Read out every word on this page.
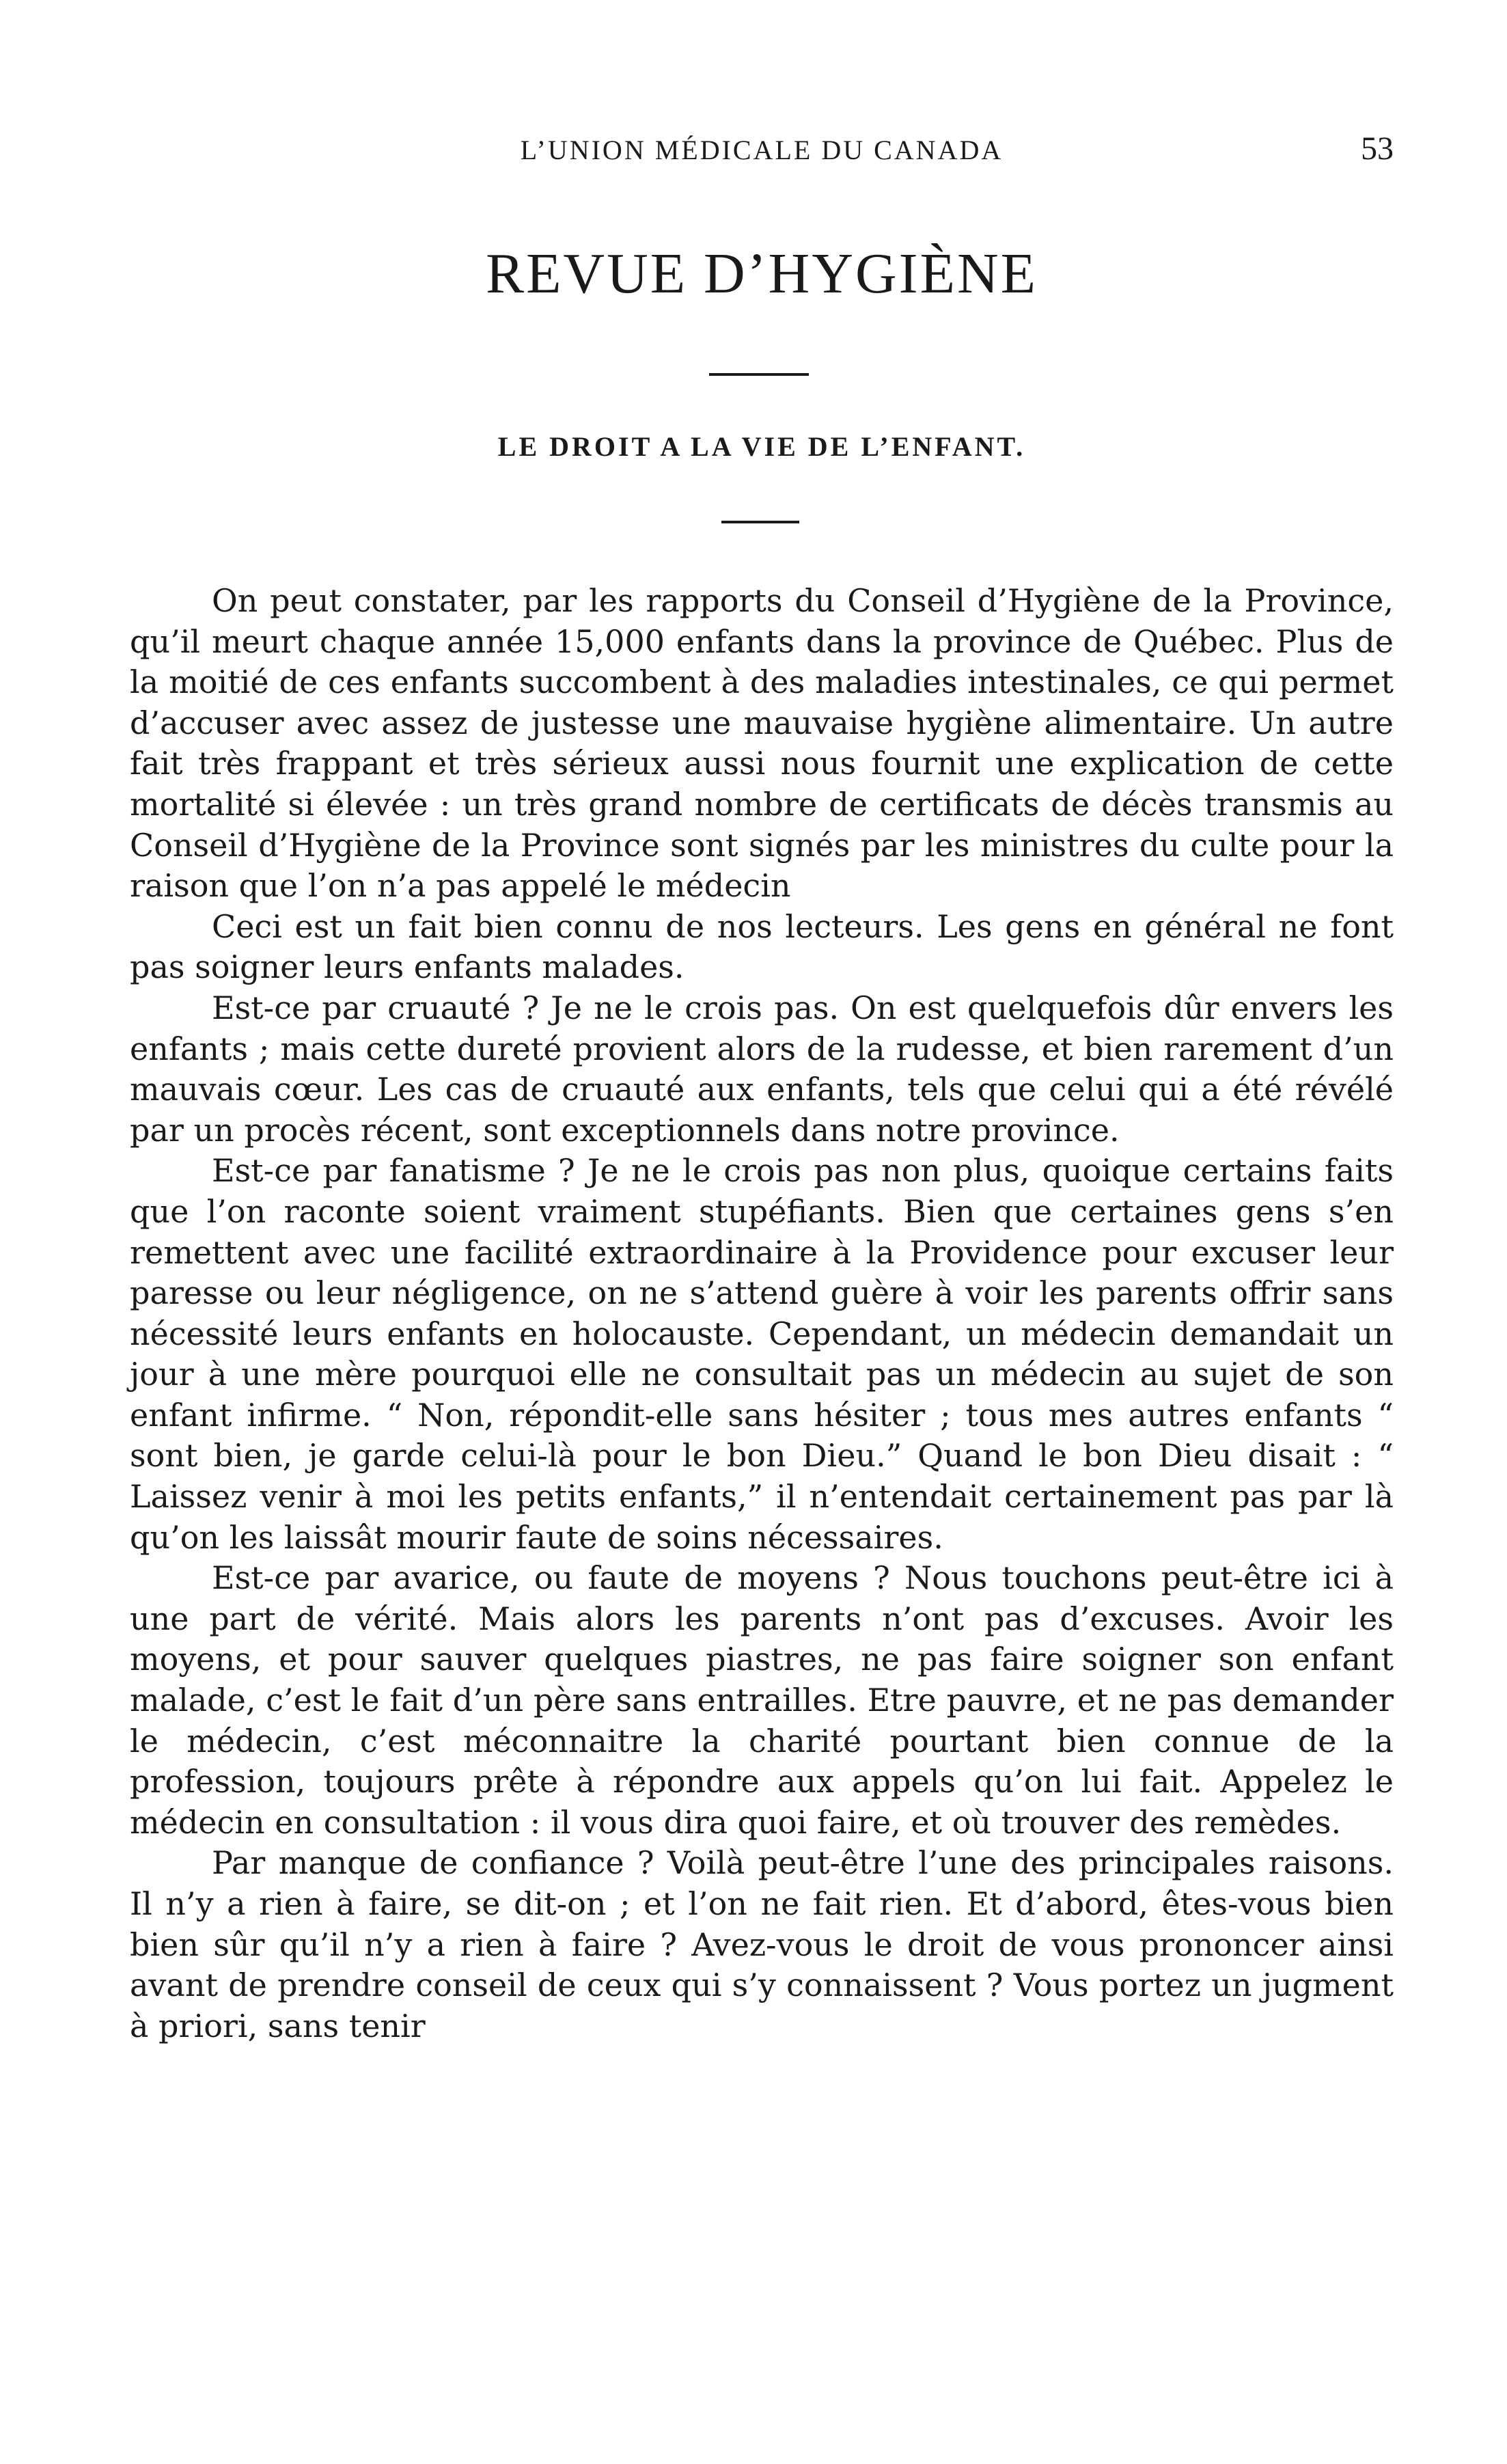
L’UNION MÉDICALE DU CANADA	53
REVUE D’HYGIÈNE
LE DROIT A LA VIE DE L’ENFANT.

On peut constater, par les rapports du Conseil d’Hygiène de la Province, qu’il meurt chaque année 15,000 enfants dans la province de Québec. Plus de la moitié de ces enfants succombent à des maladies intestinales, ce qui permet d’accuser avec assez de justesse une mauvaise hygiène alimentaire. Un autre fait très frappant et très sérieux aussi nous fournit une explication de cette mortalité si élevée : un très grand nombre de certificats de décès transmis au Conseil d’Hygiène de la Province sont signés par les ministres du culte pour la raison que l’on n’a pas appelé le médecin

Ceci est un fait bien connu de nos lecteurs. Les gens en général ne font pas soigner leurs enfants malades.

Est-ce par cruauté ? Je ne le crois pas. On est quelquefois dûr envers les enfants ; mais cette dureté provient alors de la rudesse, et bien rarement d’un mauvais cœur. Les cas de cruauté aux enfants, tels que celui qui a été révélé par un procès récent, sont exceptionnels dans notre province.

Est-ce par fanatisme ? Je ne le crois pas non plus, quoique certains faits que l’on raconte soient vraiment stupéfiants. Bien que certaines gens s’en remettent avec une facilité extraordinaire à la Providence pour excuser leur paresse ou leur négligence, on ne s’attend guère à voir les parents offrir sans nécessité leurs enfants en holocauste. Cependant, un médecin demandait un jour à une mère pourquoi elle ne consultait pas un médecin au sujet de son enfant infirme. “ Non, répondit-elle sans hésiter ; tous mes autres enfants “ sont bien, je garde celui-là pour le bon Dieu.” Quand le bon Dieu disait : “ Laissez venir à moi les petits enfants,” il n’entendait certainement pas par là qu’on les laissât mourir faute de soins nécessaires.

Est-ce par avarice, ou faute de moyens ? Nous touchons peut-être ici à une part de vérité. Mais alors les parents n’ont pas d’excuses. Avoir les moyens, et pour sauver quelques piastres, ne pas faire soigner son enfant malade, c’est le fait d’un père sans entrailles. Etre pauvre, et ne pas demander le médecin, c’est méconnaitre la charité pourtant bien connue de la profession, toujours prête à répondre aux appels qu’on lui fait. Appelez le médecin en consultation : il vous dira quoi faire, et où trouver des remèdes.

Par manque de confiance ? Voilà peut-être l’une des principales raisons. Il n’y a rien à faire, se dit-on ; et l’on ne fait rien. Et d’abord, êtes-vous bien bien sûr qu’il n’y a rien à faire ? Avez-vous le droit de vous prononcer ainsi avant de prendre conseil de ceux qui s’y connaissent ? Vous portez un jugment à priori, sans tenir
